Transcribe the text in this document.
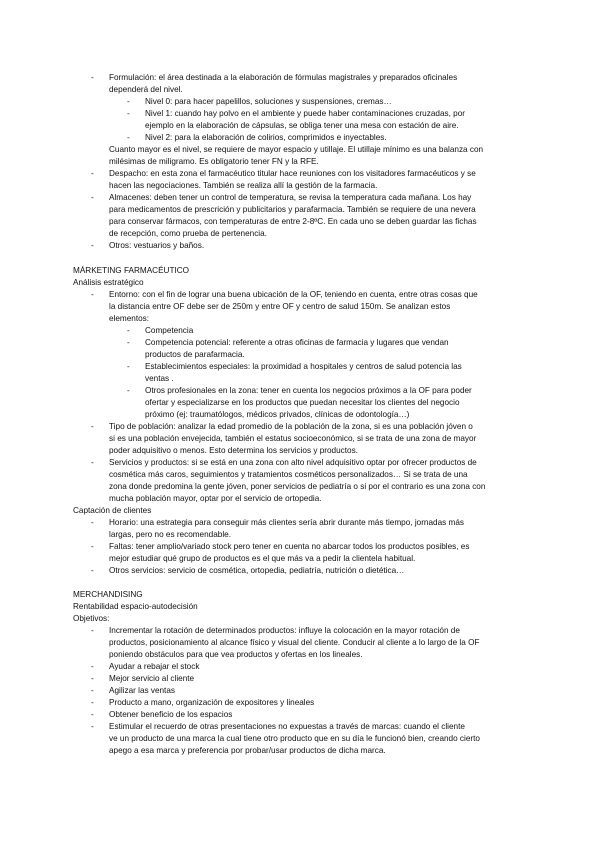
- Formulación: el área destinada a la elaboración de fórmulas magistrales y preparados oficinales
dependerá del nivel.
- Nivel 0: para hacer papelillos, soluciones y suspensiones, cremas…
- Nivel 1: cuando hay polvo en el ambiente y puede haber contaminaciones cruzadas, por
ejemplo en la elaboración de cápsulas, se obliga tener una mesa con estación de aire.
- Nivel 2: para la elaboración de colirios, comprimidos e inyectables.
Cuanto mayor es el nivel, se requiere de mayor espacio y utillaje. El utillaje mínimo es una balanza con
milésimas de miligramo. Es obligatorio tener FN y la RFE.
- Despacho: en esta zona el farmacéutico titular hace reuniones con los visitadores farmacéuticos y se
hacen las negociaciones. También se realiza allí la gestión de la farmacia.
- Almacenes: deben tener un control de temperatura, se revisa la temperatura cada mañana. Los hay
para medicamentos de prescrición y publicitarios y parafarmacia. También se requiere de una nevera
para conservar fármacos, con temperaturas de entre 2-8ºC. En cada uno se deben guardar las fichas
de recepción, como prueba de pertenencia.
- Otros: vestuarios y baños.
MÁRKETING FARMACÉUTICO
Análisis estratégico
- Entorno: con el fin de lograr una buena ubicación de la OF, teniendo en cuenta, entre otras cosas que
la distancia entre OF debe ser de 250m y entre OF y centro de salud 150m. Se analizan estos
elementos:
- Competencia
- Competencia potencial: referente a otras oficinas de farmacia y lugares que vendan
productos de parafarmacia.
- Establecimientos especiales: la proximidad a hospitales y centros de salud potencia las
ventas .
- Otros profesionales en la zona: tener en cuenta los negocios próximos a la OF para poder
ofertar y especializarse en los productos que puedan necesitar los clientes del negocio
próximo (ej: traumatólogos, médicos privados, clínicas de odontología…)
- Tipo de población: analizar la edad promedio de la población de la zona, si es una población jóven o
si es una población envejecida, también el estatus socioeconómico, si se trata de una zona de mayor
poder adquisitivo o menos. Esto determina los servicios y productos.
- Servicios y productos: si se está en una zona con alto nivel adquisitivo optar por ofrecer productos de
cosmética más caros, seguimientos y tratamientos cosméticos personalizados… Si se trata de una
zona donde predomina la gente jóven, poner servicios de pediatría o si por el contrario es una zona con
mucha población mayor, optar por el servicio de ortopedia.
Captación de clientes
- Horario: una estrategia para conseguir más clientes sería abrir durante más tiempo, jornadas más
largas, pero no es recomendable.
- Faltas: tener amplio/variado stock pero tener en cuenta no abarcar todos los productos posibles, es
mejor estudiar qué grupo de productos es el que más va a pedir la clientela habitual.
- Otros servicios: servicio de cosmética, ortopedia, pediatría, nutrición o dietética…
MERCHANDISING
Rentabilidad espacio-autodecisión
Objetivos:
- Incrementar la rotación de determinados productos: influye la colocación en la mayor rotación de
productos, posicionamiento al alcance físico y visual del cliente. Conducir al cliente a lo largo de la OF
poniendo obstáculos para que vea productos y ofertas en los lineales.
- Ayudar a rebajar el stock
- Mejor servicio al cliente
- Agilizar las ventas
- Producto a mano, organización de expositores y lineales
- Obtener beneficio de los espacios
- Estimular el recuerdo de otras presentaciones no expuestas a través de marcas: cuando el cliente
ve un producto de una marca la cual tiene otro producto que en su día le funcionó bien, creando cierto
apego a esa marca y preferencia por probar/usar productos de dicha marca.
